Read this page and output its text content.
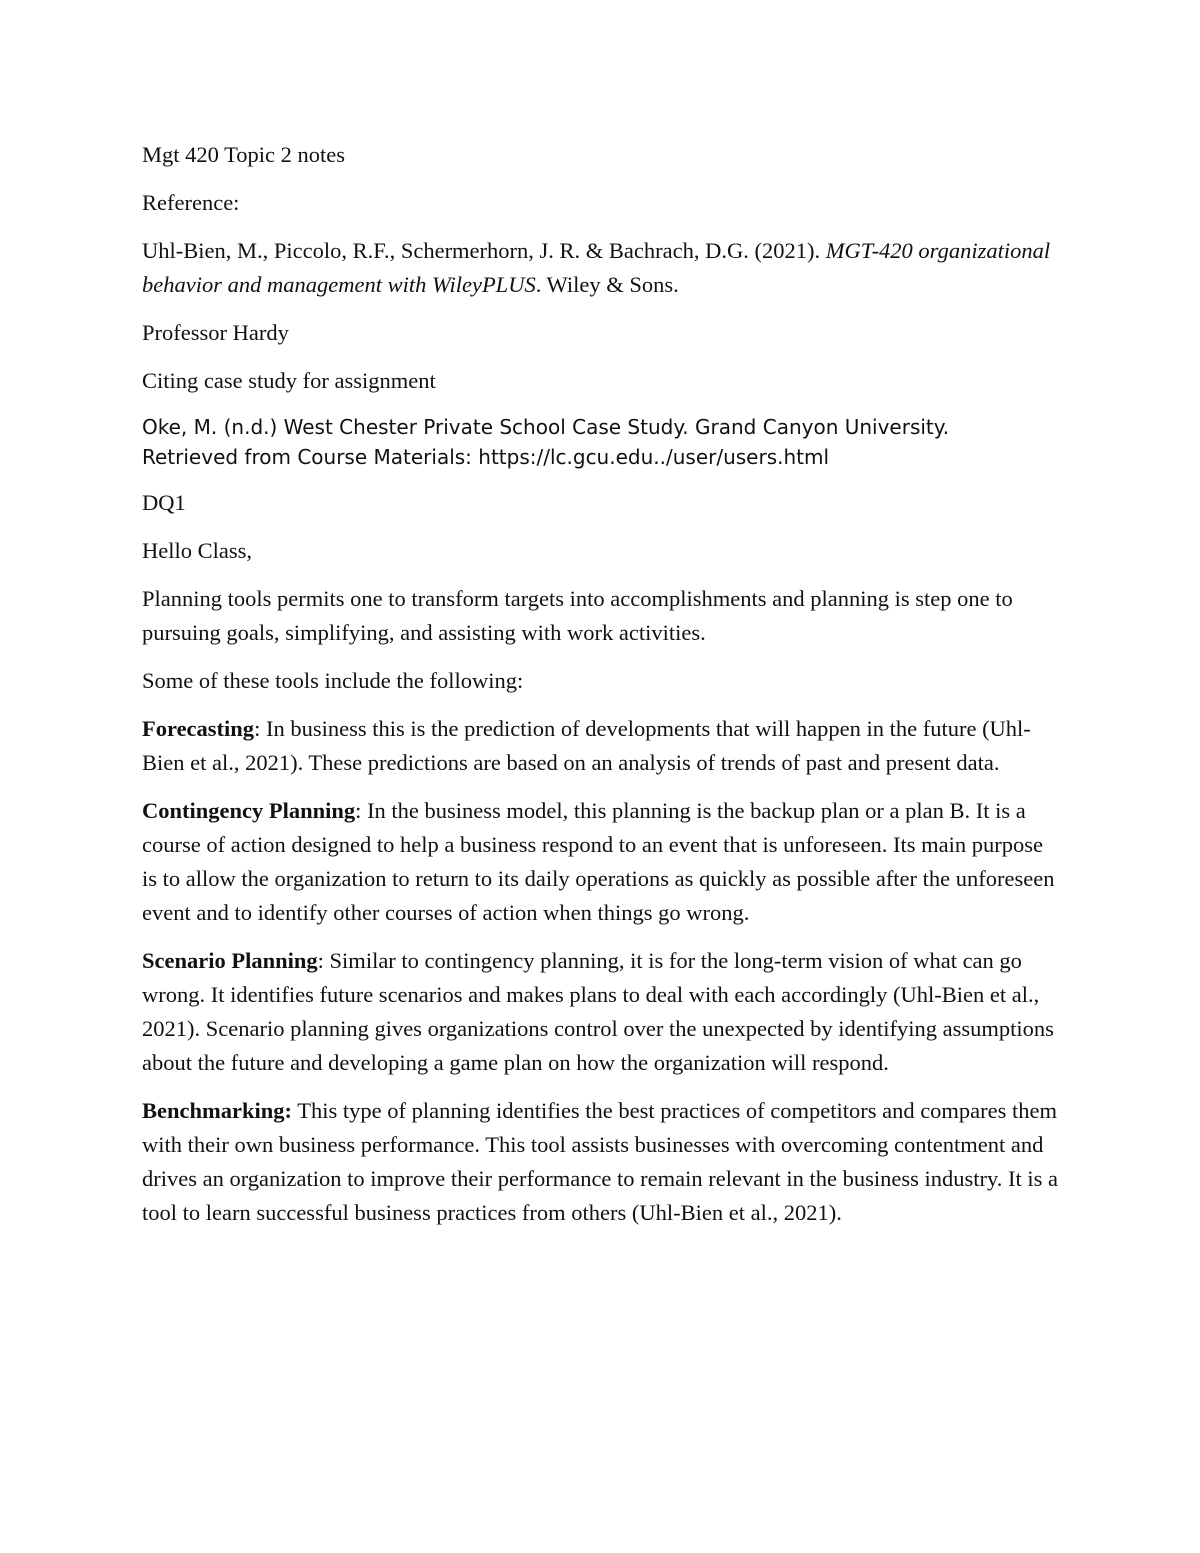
Mgt 420 Topic 2 notes

Reference:

Uhl-Bien, M., Piccolo, R.F., Schermerhorn, J. R. & Bachrach, D.G. (2021). MGT-420 organizational behavior and management with WileyPLUS. Wiley & Sons.

Professor Hardy

Citing case study for assignment

Oke, M. (n.d.) West Chester Private School Case Study. Grand Canyon University.

Retrieved from Course Materials: https://lc.gcu.edu../user/users.html

DQ1

Hello Class,

Planning tools permits one to transform targets into accomplishments and planning is step one to pursuing goals, simplifying, and assisting with work activities.

Some of these tools include the following:

Forecasting: In business this is the prediction of developments that will happen in the future (Uhl-Bien et al., 2021). These predictions are based on an analysis of trends of past and present data.

Contingency Planning: In the business model, this planning is the backup plan or a plan B. It is a course of action designed to help a business respond to an event that is unforeseen. Its main purpose is to allow the organization to return to its daily operations as quickly as possible after the unforeseen event and to identify other courses of action when things go wrong.

Scenario Planning: Similar to contingency planning, it is for the long-term vision of what can go wrong. It identifies future scenarios and makes plans to deal with each accordingly (Uhl-Bien et al., 2021). Scenario planning gives organizations control over the unexpected by identifying assumptions about the future and developing a game plan on how the organization will respond.

Benchmarking: This type of planning identifies the best practices of competitors and compares them with their own business performance. This tool assists businesses with overcoming contentment and drives an organization to improve their performance to remain relevant in the business industry. It is a tool to learn successful business practices from others (Uhl-Bien et al., 2021).
